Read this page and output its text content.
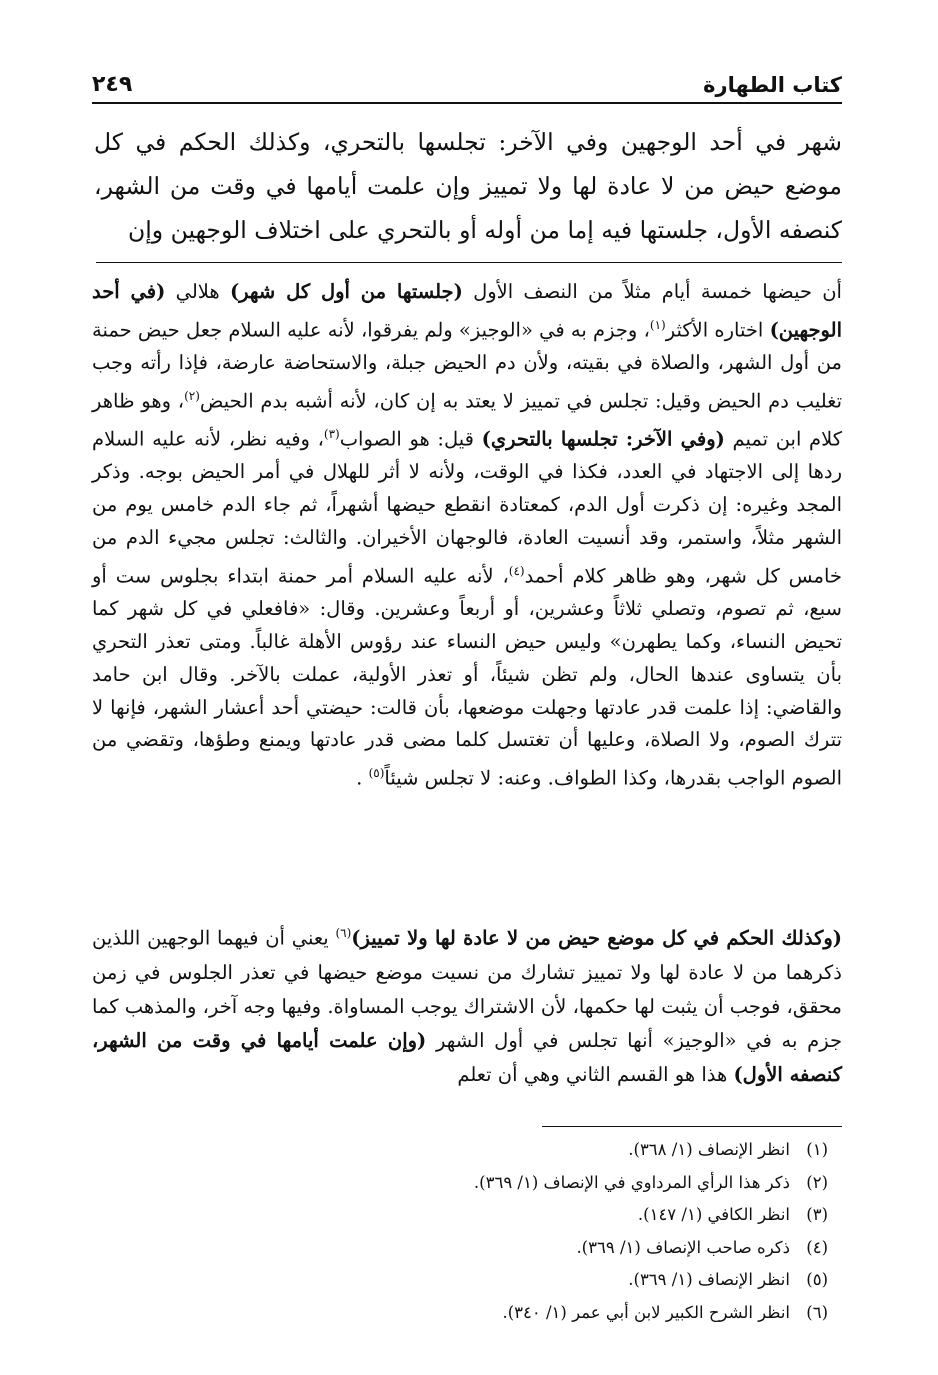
كتاب الطهارة
٢٤٩
شهر في أحد الوجهين وفي الآخر: تجلسها بالتحري، وكذلك الحكم في كل موضع حيض من لا عادة لها ولا تمييز وإن علمت أيامها في وقت من الشهر، كنصفه الأول، جلستها فيه إما من أوله أو بالتحري على اختلاف الوجهين وإن
أن حيضها خمسة أيام مثلاً من النصف الأول (جلستها من أول كل شهر) هلالي (في أحد الوجهين) اختاره الأكثر$^{(١)}$، وجزم به في «الوجيز» ولم يفرقوا، لأنه عليه السلام جعل حيض حمنة من أول الشهر، والصلاة في بقيته، ولأن دم الحيض جبلة، والاستحاضة عارضة، فإذا رأته وجب تغليب دم الحيض وقيل: تجلس في تمييز لا يعتد به إن كان، لأنه أشبه بدم الحيض$^{(٢)}$، وهو ظاهر كلام ابن تميم (وفي الآخر: تجلسها بالتحري) قيل: هو الصواب$^{(٣)}$، وفيه نظر، لأنه عليه السلام ردها إلى الاجتهاد في العدد، فكذا في الوقت، ولأنه لا أثر للهلال في أمر الحيض بوجه. وذكر المجد وغيره: إن ذكرت أول الدم، كمعتادة انقطع حيضها أشهراً، ثم جاء الدم خامس يوم من الشهر مثلاً، واستمر، وقد أنسيت العادة، فالوجهان الأخيران. والثالث: تجلس مجيء الدم من خامس كل شهر، وهو ظاهر كلام أحمد$^{(٤)}$، لأنه عليه السلام أمر حمنة ابتداء بجلوس ست أو سبع، ثم تصوم، وتصلي ثلاثاً وعشرين، أو أربعاً وعشرين. وقال: «فافعلي في كل شهر كما تحيض النساء، وكما يطهرن» وليس حيض النساء عند رؤوس الأهلة غالباً. ومتى تعذر التحري بأن يتساوى عندها الحال، ولم تظن شيئاً، أو تعذر الأولية، عملت بالآخر. وقال ابن حامد والقاضي: إذا علمت قدر عادتها وجهلت موضعها، بأن قالت: حيضتي أحد أعشار الشهر، فإنها لا تترك الصوم، ولا الصلاة، وعليها أن تغتسل كلما مضى قدر عادتها ويمنع وطؤها، وتقضي من الصوم الواجب بقدرها، وكذا الطواف. وعنه: لا تجلس شيئاً$^{(٥)}$ .
(وكذلك الحكم في كل موضع حيض من لا عادة لها ولا تمييز)$^{(٦)}$ يعني أن فيهما الوجهين اللذين ذكرهما من لا عادة لها ولا تمييز تشارك من نسيت موضع حيضها في تعذر الجلوس في زمن محقق، فوجب أن يثبت لها حكمها، لأن الاشتراك يوجب المساواة. وفيها وجه آخر، والمذهب كما جزم به في «الوجيز» أنها تجلس في أول الشهر (وإن علمت أيامها في وقت من الشهر، كنصفه الأول) هذا هو القسم الثاني وهي أن تعلم
(١)انظر الإنصاف (١/ ٣٦٨).
(٢)ذكر هذا الرأي المرداوي في الإنصاف (١/ ٣٦٩).
(٣)انظر الكافي (١/ ١٤٧).
(٤)ذكره صاحب الإنصاف (١/ ٣٦٩).
(٥)انظر الإنصاف (١/ ٣٦٩).
(٦)انظر الشرح الكبير لابن أبي عمر (١/ ٣٤٠).
